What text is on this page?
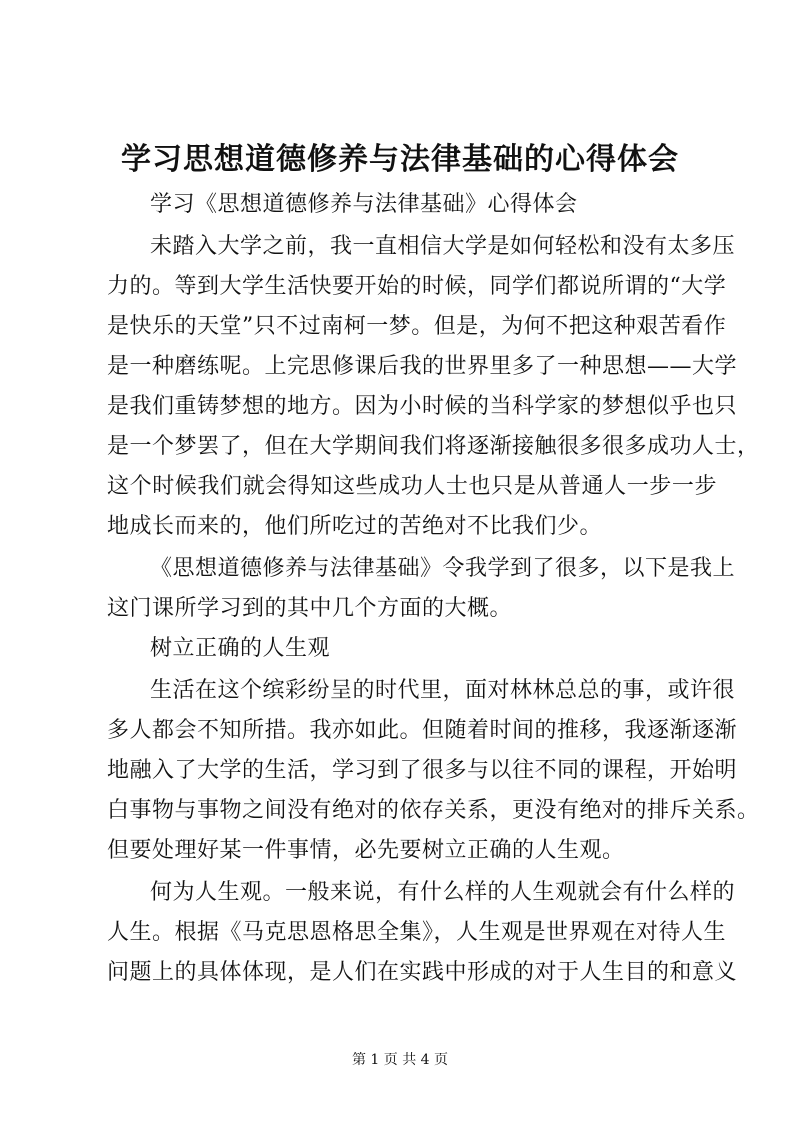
学习思想道德修养与法律基础的心得体会
学习《思想道德修养与法律基础》心得体会
未踏入大学之前，我一直相信大学是如何轻松和没有太多压
力的。等到大学生活快要开始的时候，同学们都说所谓的“大学
是快乐的天堂”只不过南柯一梦。但是，为何不把这种艰苦看作
是一种磨练呢。上完思修课后我的世界里多了一种思想——大学
是我们重铸梦想的地方。因为小时候的当科学家的梦想似乎也只
是一个梦罢了，但在大学期间我们将逐渐接触很多很多成功人士，
这个时候我们就会得知这些成功人士也只是从普通人一步一步
地成长而来的，他们所吃过的苦绝对不比我们少。
《思想道德修养与法律基础》令我学到了很多，以下是我上
这门课所学习到的其中几个方面的大概。
树立正确的人生观
生活在这个缤彩纷呈的时代里，面对林林总总的事，或许很
多人都会不知所措。我亦如此。但随着时间的推移，我逐渐逐渐
地融入了大学的生活，学习到了很多与以往不同的课程，开始明
白事物与事物之间没有绝对的依存关系，更没有绝对的排斥关系。
但要处理好某一件事情，必先要树立正确的人生观。
何为人生观。一般来说，有什么样的人生观就会有什么样的
人生。根据《马克思恩格思全集》，人生观是世界观在对待人生
问题上的具体体现，是人们在实践中形成的对于人生目的和意义
第 1 页 共 4 页
